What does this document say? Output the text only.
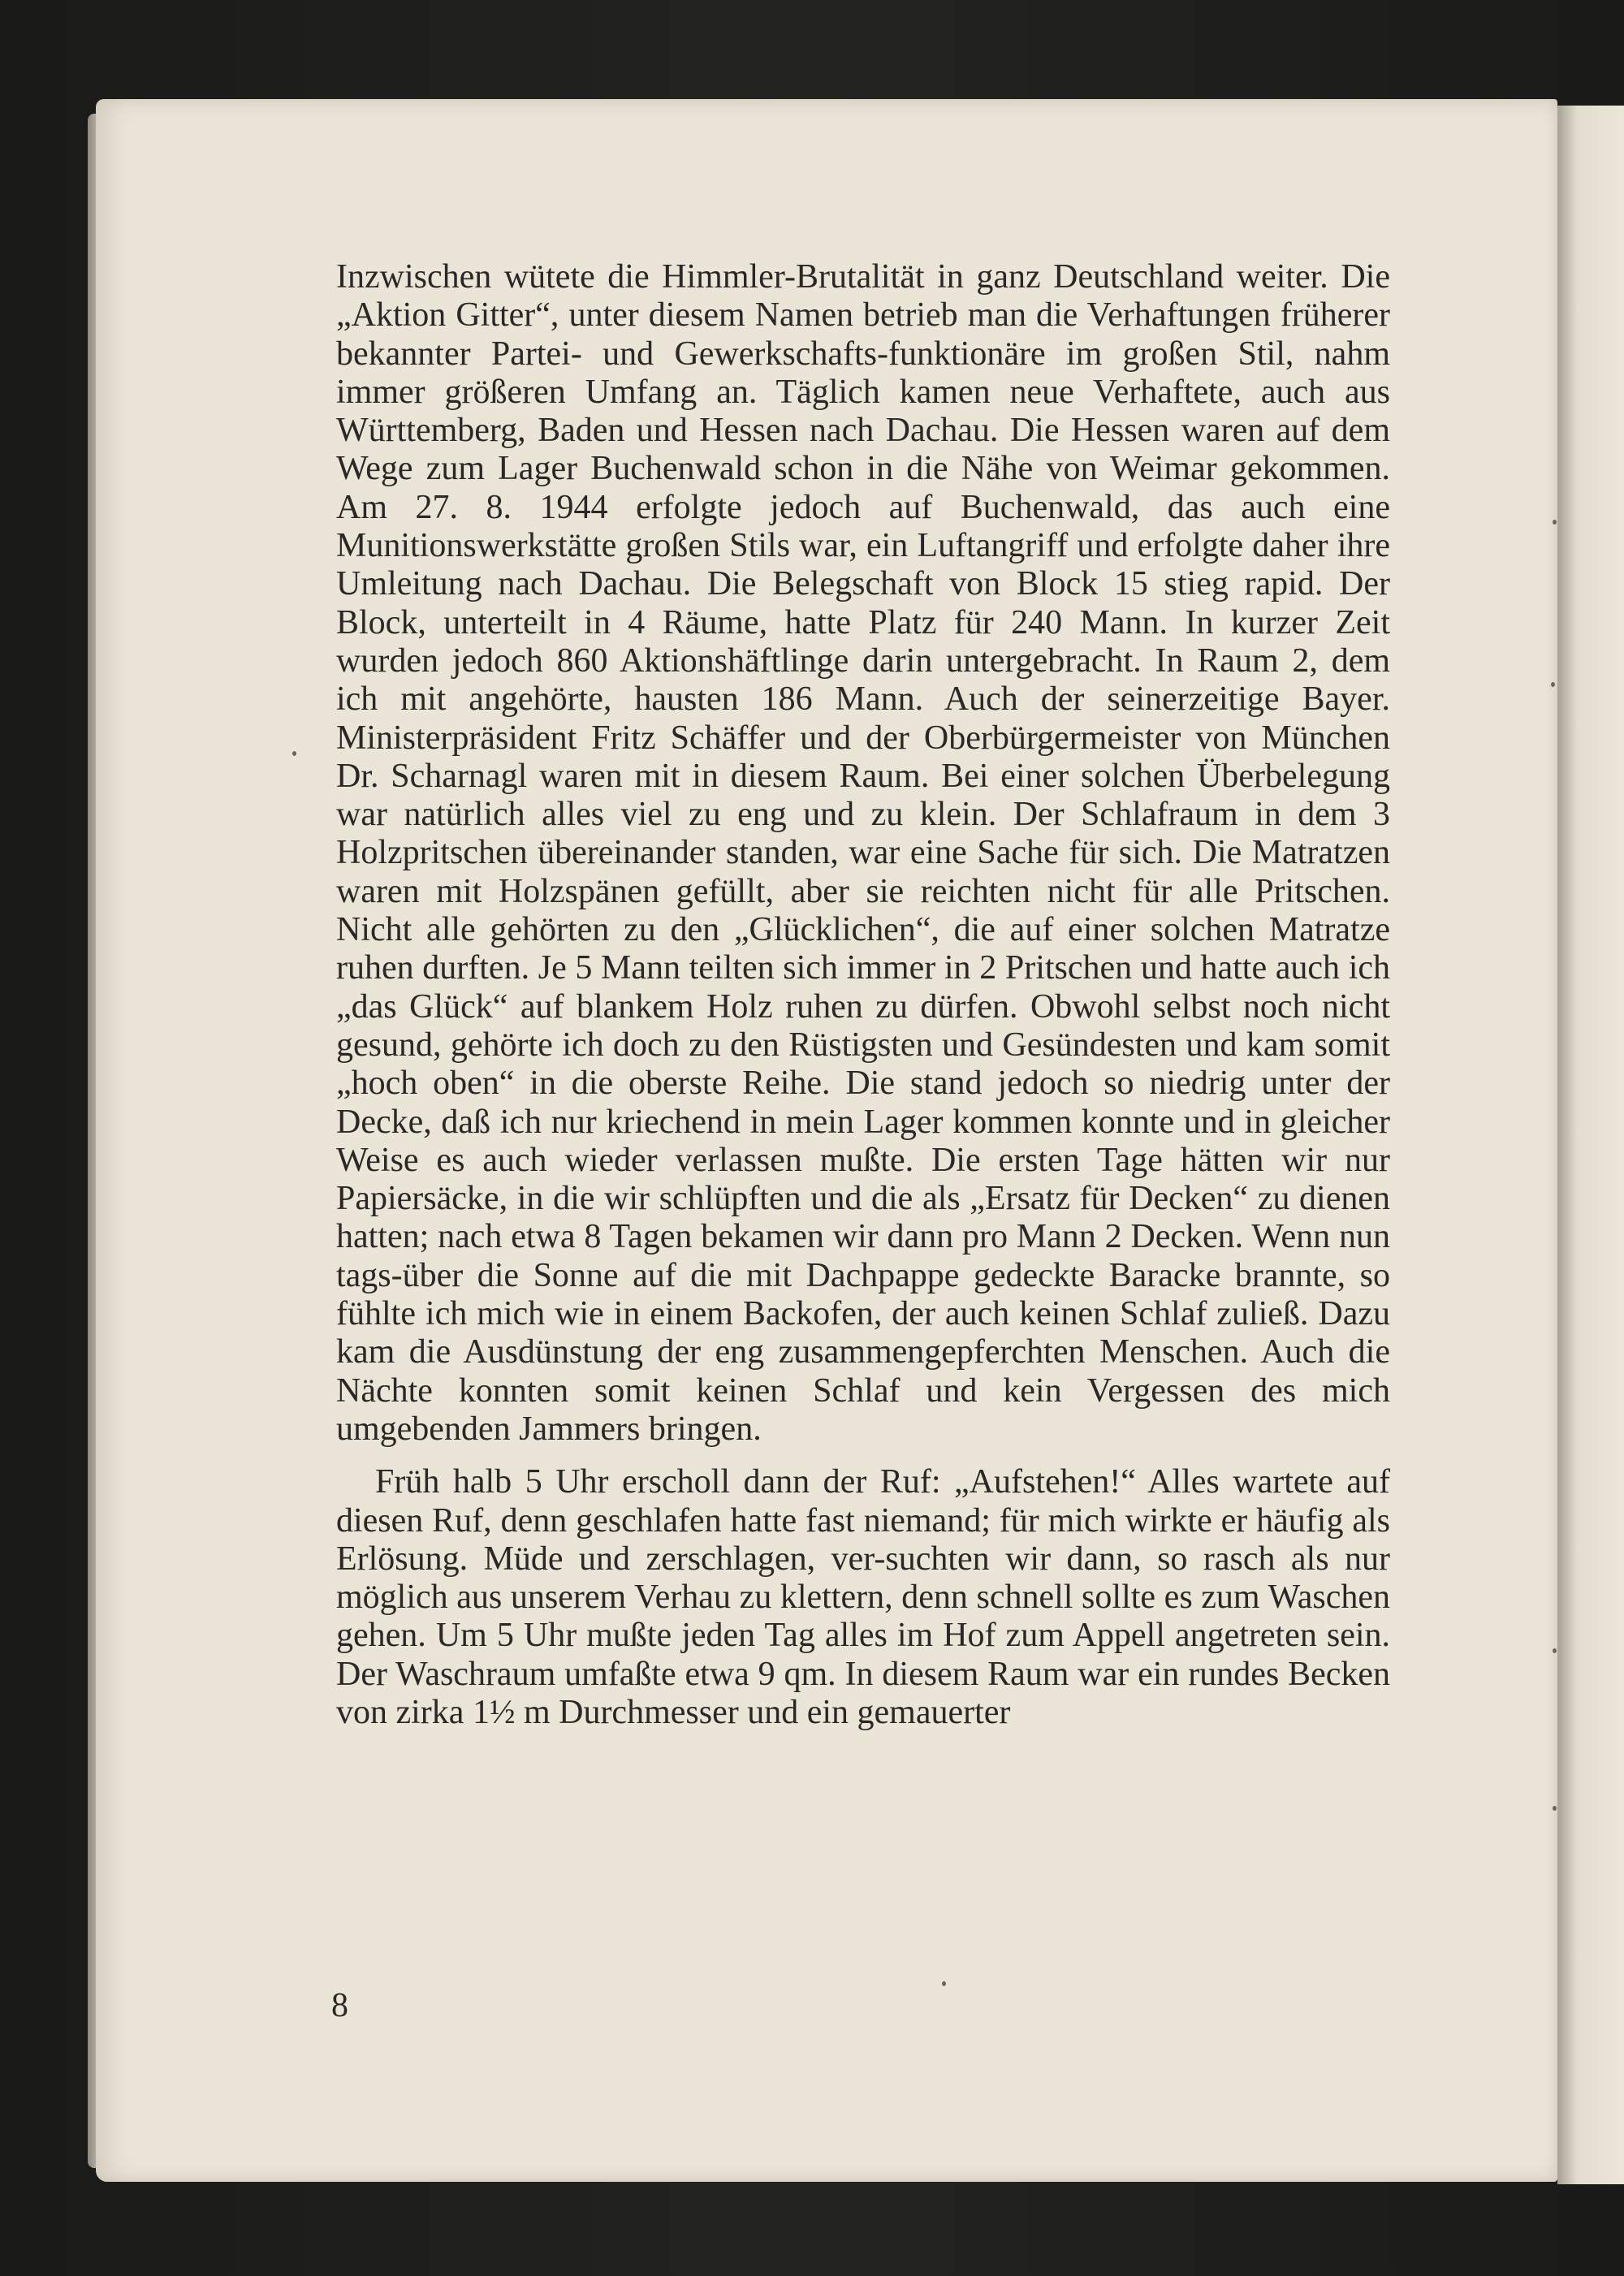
Inzwischen wütete die Himmler-Brutalität in ganz Deutschland weiter. Die „Aktion Gitter“, unter diesem Namen betrieb man die Verhaftungen früherer bekannter Partei- und Gewerkschafts-funktionäre im großen Stil, nahm immer größeren Umfang an. Täglich kamen neue Verhaftete, auch aus Württemberg, Baden und Hessen nach Dachau. Die Hessen waren auf dem Wege zum Lager Buchenwald schon in die Nähe von Weimar gekommen. Am 27. 8. 1944 erfolgte jedoch auf Buchenwald, das auch eine Munitionswerkstätte großen Stils war, ein Luftangriff und erfolgte daher ihre Umleitung nach Dachau. Die Belegschaft von Block 15 stieg rapid. Der Block, unterteilt in 4 Räume, hatte Platz für 240 Mann. In kurzer Zeit wurden jedoch 860 Aktionshäftlinge darin untergebracht. In Raum 2, dem ich mit angehörte, hausten 186 Mann. Auch der seinerzeitige Bayer. Ministerpräsident Fritz Schäffer und der Oberbürgermeister von München Dr. Scharnagl waren mit in diesem Raum. Bei einer solchen Überbelegung war natürlich alles viel zu eng und zu klein. Der Schlafraum in dem 3 Holzpritschen übereinander standen, war eine Sache für sich. Die Matratzen waren mit Holzspänen gefüllt, aber sie reichten nicht für alle Pritschen. Nicht alle gehörten zu den „Glücklichen“, die auf einer solchen Matratze ruhen durften. Je 5 Mann teilten sich immer in 2 Pritschen und hatte auch ich „das Glück“ auf blankem Holz ruhen zu dürfen. Obwohl selbst noch nicht gesund, gehörte ich doch zu den Rüstigsten und Gesündesten und kam somit „hoch oben“ in die oberste Reihe. Die stand jedoch so niedrig unter der Decke, daß ich nur kriechend in mein Lager kommen konnte und in gleicher Weise es auch wieder verlassen mußte. Die ersten Tage hätten wir nur Papiersäcke, in die wir schlüpften und die als „Ersatz für Decken“ zu dienen hatten; nach etwa 8 Tagen bekamen wir dann pro Mann 2 Decken. Wenn nun tags-über die Sonne auf die mit Dachpappe gedeckte Baracke brannte, so fühlte ich mich wie in einem Backofen, der auch keinen Schlaf zuließ. Dazu kam die Ausdünstung der eng zusammengepferchten Menschen. Auch die Nächte konnten somit keinen Schlaf und kein Vergessen des mich umgebenden Jammers bringen.

Früh halb 5 Uhr erscholl dann der Ruf: „Aufstehen!“ Alles wartete auf diesen Ruf, denn geschlafen hatte fast niemand; für mich wirkte er häufig als Erlösung. Müde und zerschlagen, ver-suchten wir dann, so rasch als nur möglich aus unserem Verhau zu klettern, denn schnell sollte es zum Waschen gehen. Um 5 Uhr mußte jeden Tag alles im Hof zum Appell angetreten sein. Der Waschraum umfaßte etwa 9 qm. In diesem Raum war ein rundes Becken von zirka 1½ m Durchmesser und ein gemauerter

8
